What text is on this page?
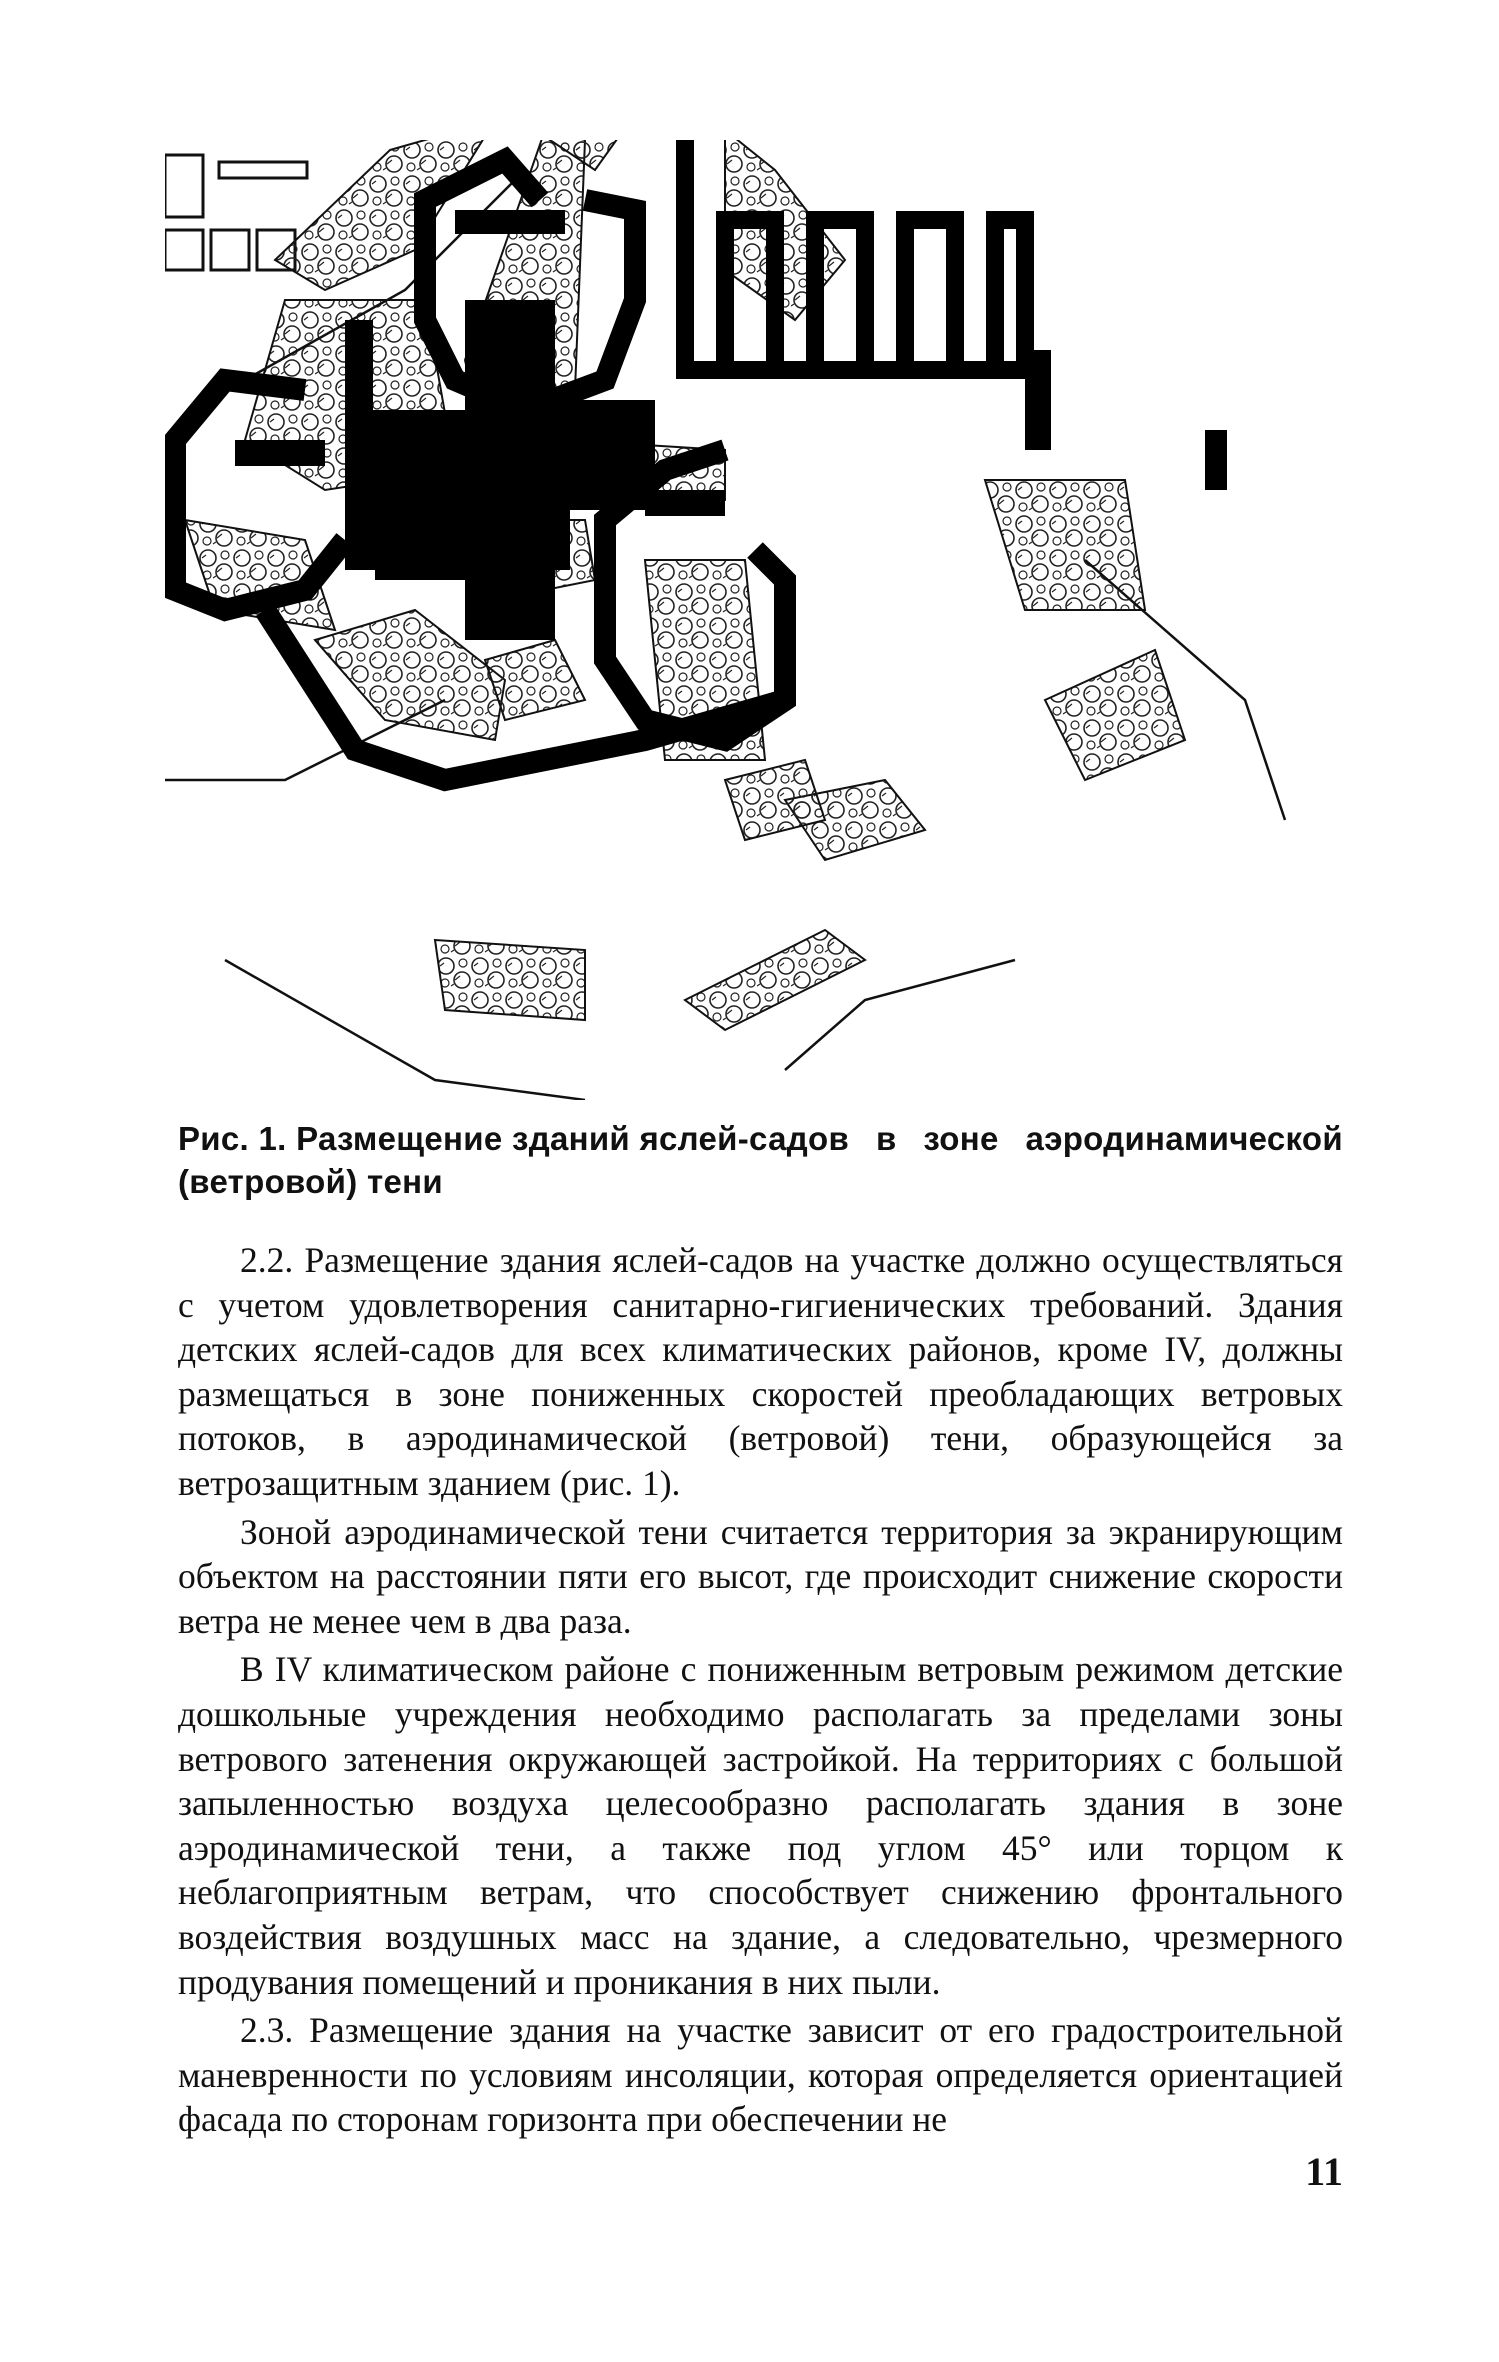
Рис. 1. Размещение зданий яслей-садов в зоне аэродинамической
(ветровой) тени

2.2. Размещение здания яслей-садов на участке должно осуществляться с учетом удовлетворения санитарно-гигиенических требований. Здания детских яслей-садов для всех климатических районов, кроме IV, должны размещаться в зоне пониженных скоростей преобладающих ветровых потоков, в аэродинамической (ветровой) тени, образующейся за ветрозащитным зданием (рис. 1).

Зоной аэродинамической тени считается территория за экранирующим объектом на расстоянии пяти его высот, где происходит снижение скорости ветра не менее чем в два раза.

В IV климатическом районе с пониженным ветровым режимом детские дошкольные учреждения необходимо располагать за пределами зоны ветрового затенения окружающей застройкой. На территориях с большой запыленностью воздуха целесообразно располагать здания в зоне аэродинамической тени, а также под углом 45° или торцом к неблагоприятным ветрам, что способствует снижению фронтального воздействия воздушных масс на здание, а следовательно, чрезмерного продувания помещений и проникания в них пыли.

2.3. Размещение здания на участке зависит от его градостроительной маневренности по условиям инсоляции, которая определяется ориентацией фасада по сторонам горизонта при обеспечении не

11
